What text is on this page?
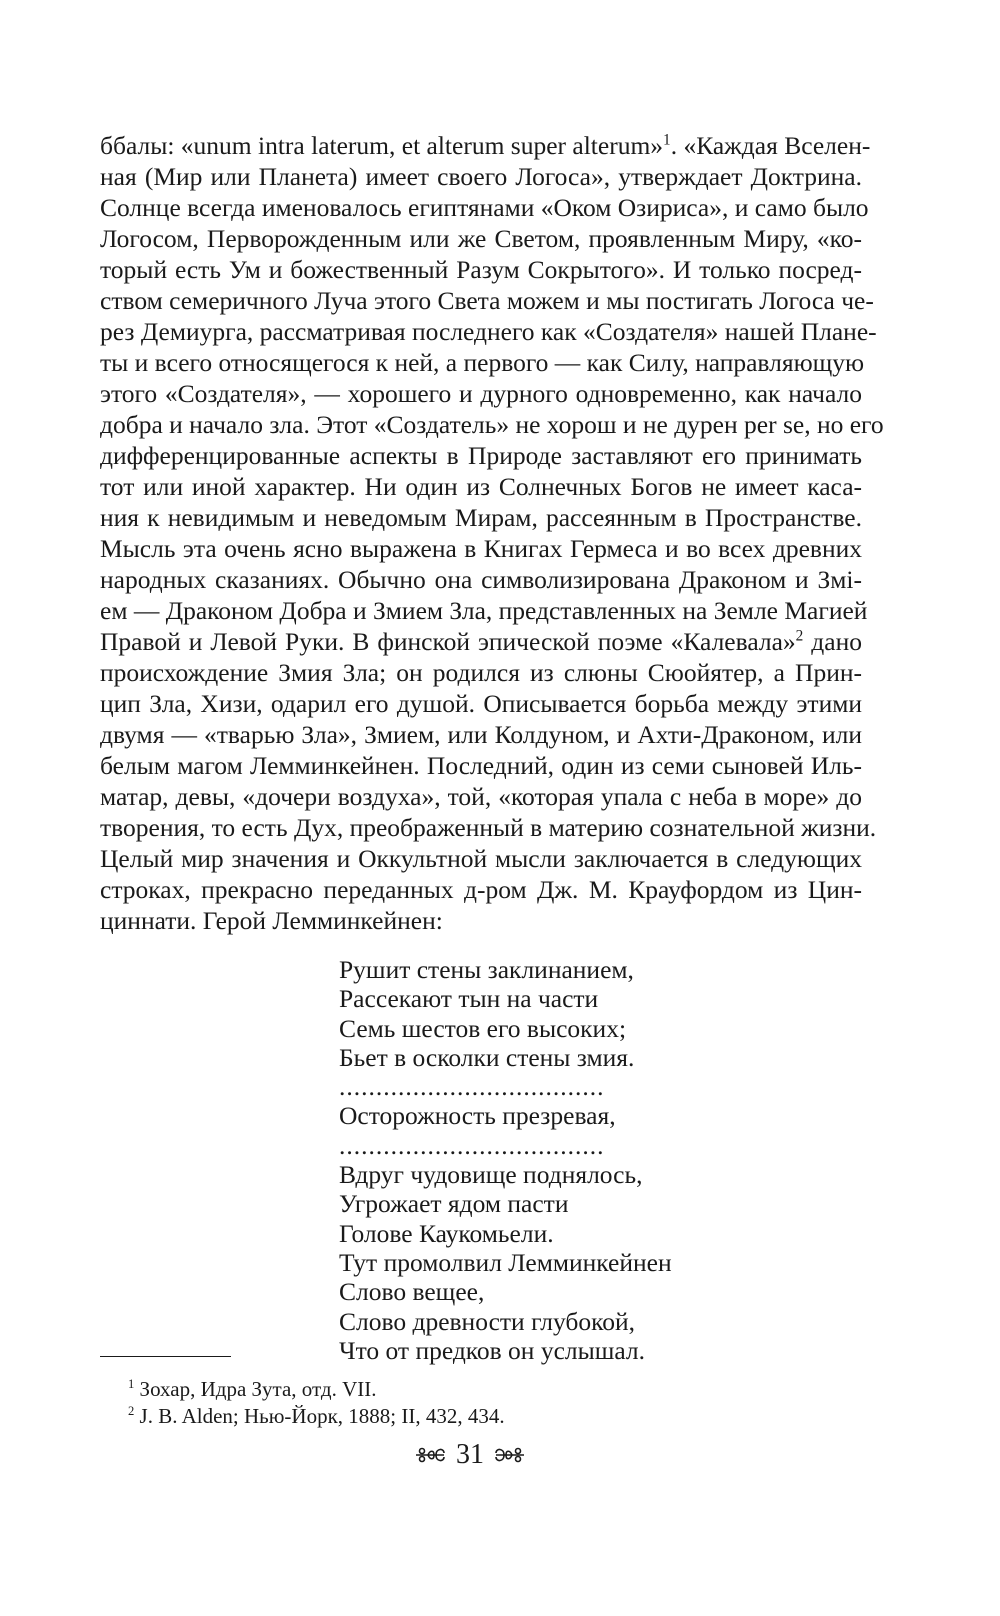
ббалы: «unum intra laterum, et alterum super alterum»$^1$. «Каждая Вселен-
ная (Мир или Планета) имеет своего Логоса», утверждает Доктрина.
Солнце всегда именовалось египтянами «Оком Озириса», и само было
Логосом, Перворожденным или же Светом, проявленным Миру, «ко-
торый есть Ум и божественный Разум Сокрытого». И только посред-
ством семеричного Луча этого Света можем и мы постигать Логоса че-
рез Демиурга, рассматривая последнего как «Создателя» нашей Плане-
ты и всего относящегося к ней, а первого — как Силу, направляющую
этого «Создателя», — хорошего и дурного одновременно, как начало
добра и начало зла. Этот «Создатель» не хорош и не дурен per se, но его
дифференцированные аспекты в Природе заставляют его принимать
тот или иной характер. Ни один из Солнечных Богов не имеет каса-
ния к невидимым и неведомым Мирам, рассеянным в Пространстве.
Мысль эта очень ясно выражена в Книгах Гермеса и во всех древних
народных сказаниях. Обычно она символизирована Драконом и Змі-
ем — Драконом Добра и Змием Зла, представленных на Земле Магией
Правой и Левой Руки. В финской эпической поэме «Калевала»$^2$ дано
происхождение Змия Зла; он родился из слюны Сюойятер, а Прин-
цип Зла, Хизи, одарил его душой. Описывается борьба между этими
двумя — «тварью Зла», Змием, или Колдуном, и Ахти-Драконом, или
белым магом Лемминкейнен. Последний, один из семи сыновей Иль-
матар, девы, «дочери воздуха», той, «которая упала с неба в море» до
творения, то есть Дух, преображенный в материю сознательной жизни.
Целый мир значения и Оккультной мысли заключается в следующих
строках, прекрасно переданных д-ром Дж. М. Крауфордом из Цин-
циннати. Герой Лемминкейнен:
Рушит стены заклинанием,
Рассекают тын на части
Семь шестов его высоких;
Бьет в осколки стены змия.
....................................
Осторожность презревая,
....................................
Вдруг чудовище поднялось,
Угрожает ядом пасти
Голове Каукомьели.
Тут промолвил Лемминкейнен
Слово вещее,
Слово древности глубокой,
Что от предков он услышал.
$^1$ Зохар, Идра Зута, отд. VII.
$^2$ J. B. Alden; Нью-Йорк, 1888; II, 432, 434.
31
